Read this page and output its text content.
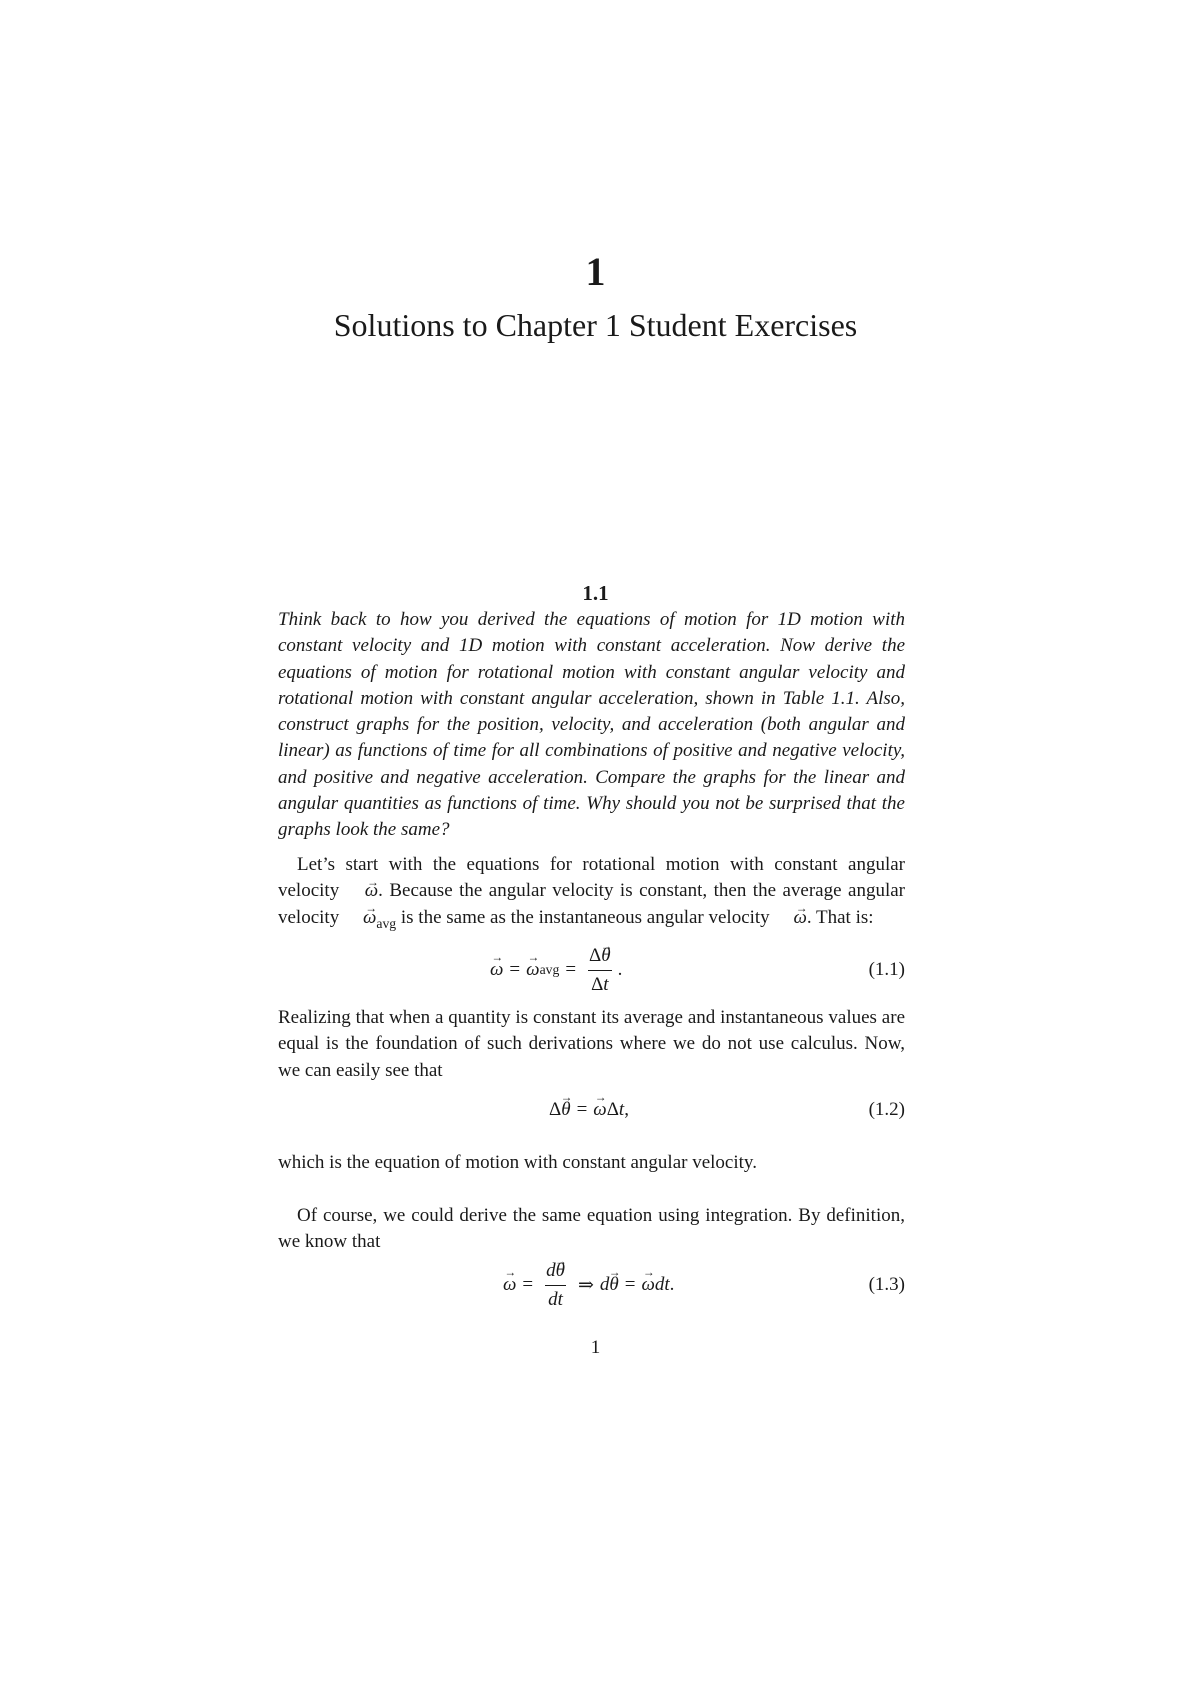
1
Solutions to Chapter 1 Student Exercises
1.1

Think back to how you derived the equations of motion for 1D motion with constant velocity and 1D motion with constant acceleration. Now derive the equations of motion for rotational motion with constant angular velocity and rotational motion with constant angular acceleration, shown in Table 1.1. Also, construct graphs for the position, velocity, and acceleration (both angular and linear) as functions of time for all combinations of positive and negative velocity, and positive and negative acceleration. Compare the graphs for the linear and angular quantities as functions of time. Why should you not be surprised that the graphs look the same?

Let’s start with the equations for rotational motion with constant angular velocity ω →. Because the angular velocity is constant, then the average angular velocity $\omega \to_{avg}$ is the same as the instantaneous angular velocity ω →. That is:

ω → = ω → avg = $\frac{\Delta\theta \to}{\Delta t}$ .	(1.1)

Realizing that when a quantity is constant its average and instantaneous values are equal is the foundation of such derivations where we do not use calculus. Now, we can easily see that

Δ θ → = ω → Δ t ,	(1.2)

which is the equation of motion with constant angular velocity.

Of course, we could derive the same equation using integration. By definition, we know that

ω → = $\frac{d\theta \to}{dt}$ ⇒ d θ → = ω → d t .	(1.3)
1
